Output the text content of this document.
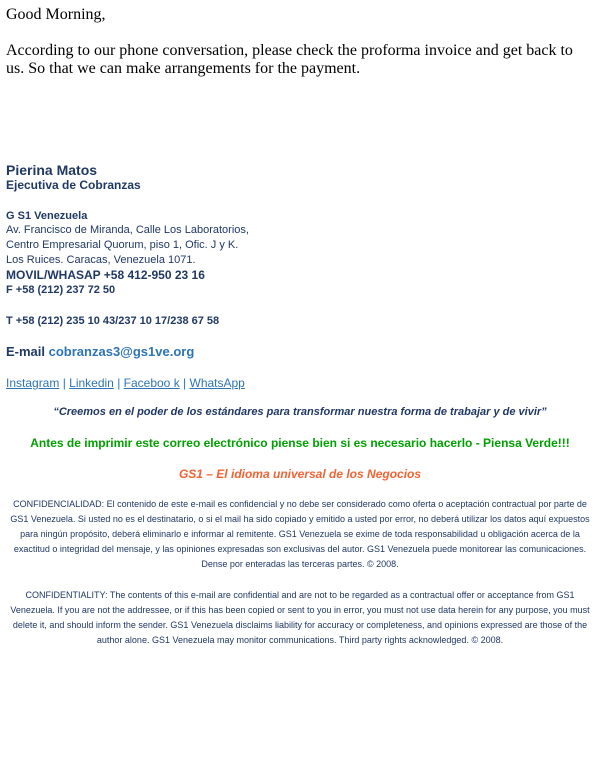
Good Morning,

According to our phone conversation, please check the proforma invoice and get back to us. So that we can make arrangements for the payment.

Pierina Matos
Ejecutiva de Cobranzas
G S1 Venezuela
Av. Francisco de Miranda, Calle Los Laboratorios,
Centro Empresarial Quorum, piso 1, Ofic. J y K.
Los Ruices. Caracas, Venezuela 1071.
MOVIL/WHASAP +58 412-950 23 16
F +58 (212) 237 72 50
T +58 (212) 235 10 43/237 10 17/238 67 58
E-mail cobranzas3@gs1ve.org
Instagram | Linkedin | Faceboo k | WhatsApp
“Creemos en el poder de los estándares para transformar nuestra forma de trabajar y de vivir”
Antes de imprimir este correo electrónico piense bien si es necesario hacerlo - Piensa Verde!!!
GS1 – El idioma universal de los Negocios
CONFIDENCIALIDAD: El contenido de este e-mail es confidencial y no debe ser considerado como oferta o aceptación contractual por parte de GS1 Venezuela. Si usted no es el destinatario, o si el mail ha sido copiado y emitido a usted por error, no deberá utilizar los datos aquí expuestos para ningún propósito, deberá eliminarlo e informar al remitente. GS1 Venezuela se exime de toda responsabilidad u obligación acerca de la exactitud o integridad del mensaje, y las opiniones expresadas son exclusivas del autor. GS1 Venezuela puede monitorear las comunicaciones. Dense por enteradas las terceras partes. © 2008.
CONFIDENTIALITY: The contents of this e-mail are confidential and are not to be regarded as a contractual offer or acceptance from GS1 Venezuela. If you are not the addressee, or if this has been copied or sent to you in error, you must not use data herein for any purpose, you must delete it, and should inform the sender. GS1 Venezuela disclaims liability for accuracy or completeness, and opinions expressed are those of the author alone. GS1 Venezuela may monitor communications. Third party rights acknowledged. © 2008.
